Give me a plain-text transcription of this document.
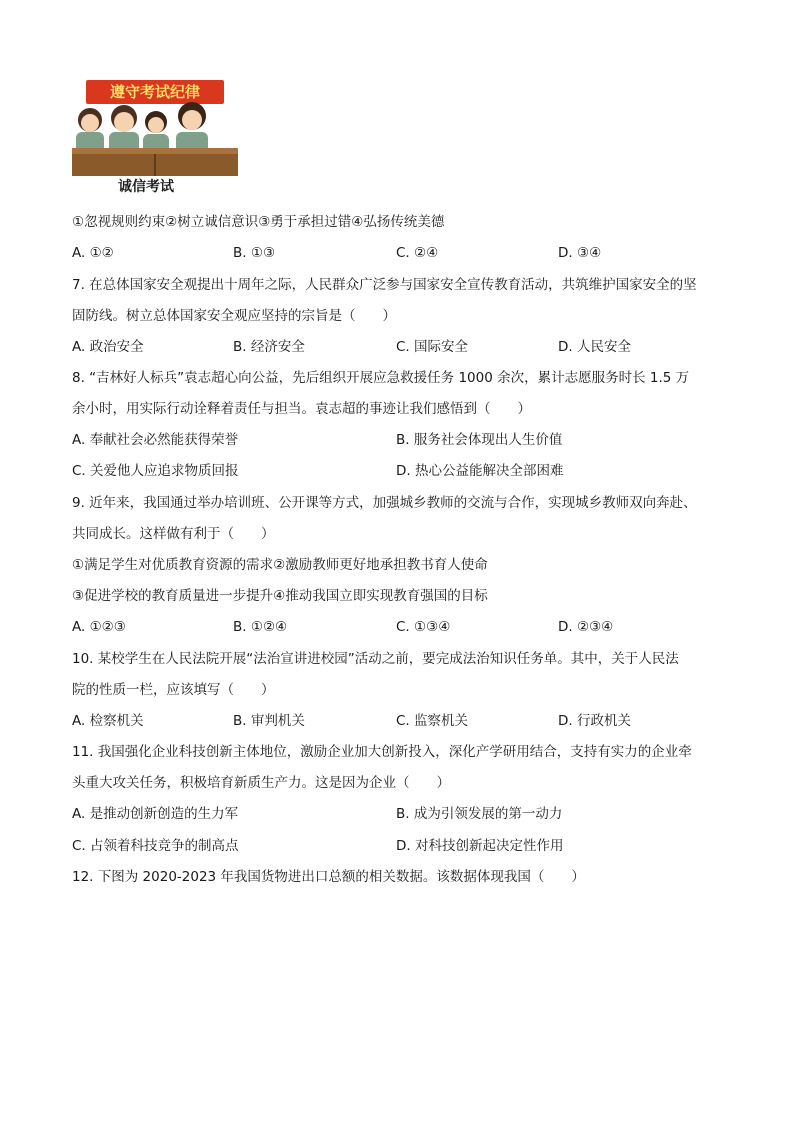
遵守考试纪律
诚信考试
①忽视规则约束②树立诚信意识③勇于承担过错④弘扬传统美德
A. ①②	B. ①③	C. ②④	D. ③④
7. 在总体国家安全观提出十周年之际，人民群众广泛参与国家安全宣传教育活动，共筑维护国家安全的坚
固防线。树立总体国家安全观应坚持的宗旨是（　　）
A. 政治安全	B. 经济安全	C. 国际安全	D. 人民安全
8. “吉林好人标兵”袁志超心向公益，先后组织开展应急救援任务 1000 余次，累计志愿服务时长 1.5 万
余小时，用实际行动诠释着责任与担当。袁志超的事迹让我们感悟到（　　）
A. 奉献社会必然能获得荣誉	B. 服务社会体现出人生价值
C. 关爱他人应追求物质回报	D. 热心公益能解决全部困难
9. 近年来，我国通过举办培训班、公开课等方式，加强城乡教师的交流与合作，实现城乡教师双向奔赴、
共同成长。这样做有利于（　　）
①满足学生对优质教育资源的需求②激励教师更好地承担教书育人使命
③促进学校的教育质量进一步提升④推动我国立即实现教育强国的目标
A. ①②③	B. ①②④	C. ①③④	D. ②③④
10. 某校学生在人民法院开展“法治宣讲进校园”活动之前，要完成法治知识任务单。其中，关于人民法
院的性质一栏，应该填写（　　）
A. 检察机关	B. 审判机关	C. 监察机关	D. 行政机关
11. 我国强化企业科技创新主体地位，激励企业加大创新投入，深化产学研用结合，支持有实力的企业牵
头重大攻关任务，积极培育新质生产力。这是因为企业（　　）
A. 是推动创新创造的生力军	B. 成为引领发展的第一动力
C. 占领着科技竞争的制高点	D. 对科技创新起决定性作用
12. 下图为 2020-2023 年我国货物进出口总额的相关数据。该数据体现我国（　　）
